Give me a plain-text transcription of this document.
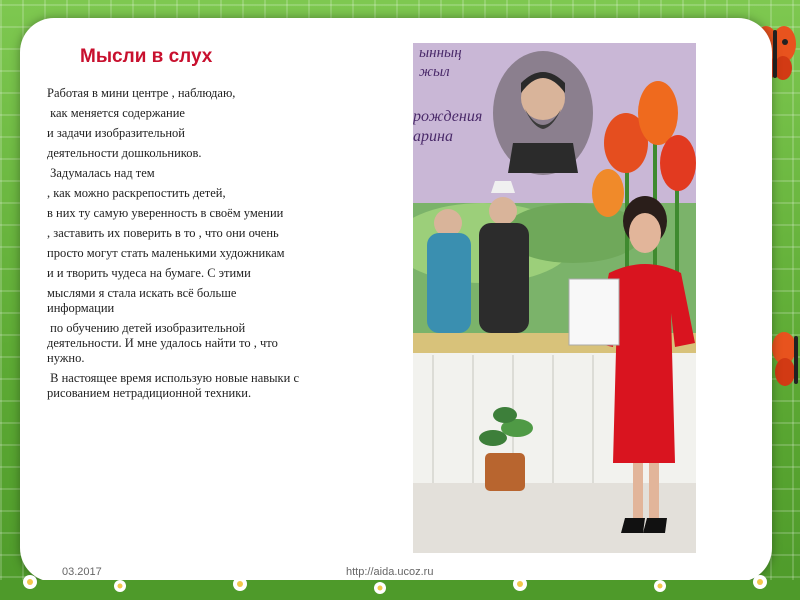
Мысли в слух

Работая в мини центре , наблюдаю,

как меняется содержание

и задачи изобразительной

деятельности дошкольников.

Задумалась над тем

, как можно раскрепостить детей,

в них ту самую уверенность в своём умении

, заставить их поверить в то , что они очень

просто могут стать маленькими художникам

и и творить чудеса на бумаге. С этими

мыслями я стала искать всё больше информации

по обучению детей изобразительной деятельности. И мне удалось найти то , что нужно.

В настоящее время использую новые навыки с рисованием нетрадиционной техники.

ынның
жыл
рождения
арина
03.2017	http://aida.ucoz.ru
